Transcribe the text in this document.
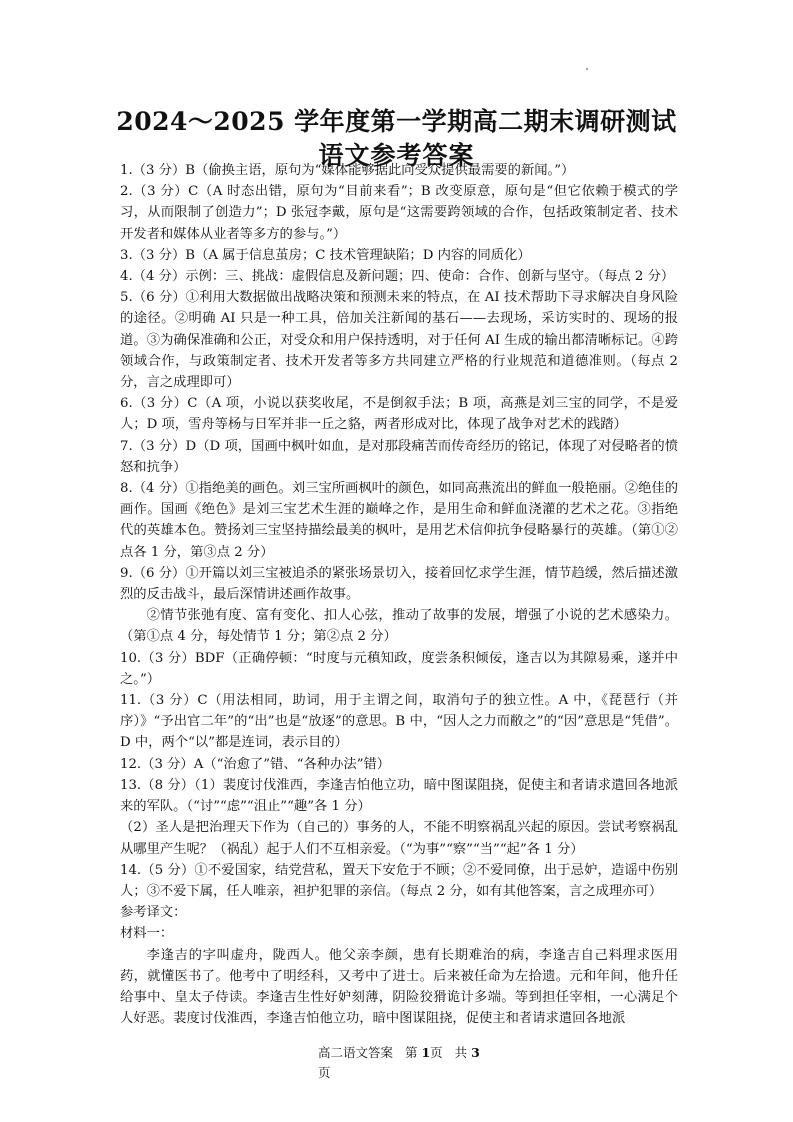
2024～2025 学年度第一学期高二期末调研测试
语文参考答案

1.（3 分）B（偷换主语，原句为“媒体能够据此向受众提供最需要的新闻。”）

2.（3 分）C（A 时态出错，原句为“目前来看”；B 改变原意，原句是“但它依赖于模式的学习，从而限制了创造力”；D 张冠李戴，原句是“这需要跨领域的合作，包括政策制定者、技术开发者和媒体从业者等多方的参与。”）

3.（3 分）B（A 属于信息茧房；C 技术管理缺陷；D 内容的同质化）

4.（4 分）示例：三、挑战：虚假信息及新问题；四、使命：合作、创新与坚守。（每点 2 分）

5.（6 分）①利用大数据做出战略决策和预测未来的特点，在 AI 技术帮助下寻求解决自身风险的途径。②明确 AI 只是一种工具，倍加关注新闻的基石——去现场，采访实时的、现场的报道。③为确保准确和公正，对受众和用户保持透明，对于任何 AI 生成的输出都清晰标记。④跨领域合作，与政策制定者、技术开发者等多方共同建立严格的行业规范和道德准则。（每点 2 分，言之成理即可）

6.（3 分）C（A 项，小说以获奖收尾，不是倒叙手法；B 项，高燕是刘三宝的同学，不是爱人；D 项，雪舟等杨与日军并非一丘之貉，两者形成对比，体现了战争对艺术的践踏）

7.（3 分）D（D 项，国画中枫叶如血，是对那段痛苦而传奇经历的铭记，体现了对侵略者的愤怒和抗争）

8.（4 分）①指绝美的画色。刘三宝所画枫叶的颜色，如同高燕流出的鲜血一般艳丽。②绝佳的画作。国画《绝色》是刘三宝艺术生涯的巅峰之作，是用生命和鲜血浇灌的艺术之花。③指绝代的英雄本色。赞扬刘三宝坚持描绘最美的枫叶，是用艺术信仰抗争侵略暴行的英雄。（第①②点各 1 分，第③点 2 分）

9.（6 分）①开篇以刘三宝被追杀的紧张场景切入，接着回忆求学生涯，情节趋缓，然后描述激烈的反击战斗，最后深情讲述画作故事。

②情节张弛有度、富有变化、扣人心弦，推动了故事的发展，增强了小说的艺术感染力。（第①点 4 分，每处情节 1 分；第②点 2 分）

10.（3 分）BDF（正确停顿：“时度与元稹知政，度尝条积倾佞，逢吉以为其隙易乘，遂并中之。”）

11.（3 分）C（用法相同，助词，用于主谓之间，取消句子的独立性。A 中，《琵琶行（并序）》“予出官二年”的“出”也是“放逐”的意思。B 中，“因人之力而敝之”的“因”意思是“凭借”。D 中，两个“以”都是连词，表示目的）

12.（3 分）A（“治愈了”错、“各种办法”错）

13.（8 分）（1）裴度讨伐淮西，李逢吉怕他立功，暗中图谋阻挠，促使主和者请求遣回各地派来的军队。（“讨”“虑”“沮止”“趣”各 1 分）

（2）圣人是把治理天下作为（自己的）事务的人，不能不明察祸乱兴起的原因。尝试考察祸乱从哪里产生呢？（祸乱）起于人们不互相亲爱。（“为事”“察”“当”“起”各 1 分）

14.（5 分）①不爱国家，结党营私，置天下安危于不顾；②不爱同僚，出于忌妒，造谣中伤别人；③不爱下属，任人唯亲，袒护犯罪的亲信。（每点 2 分，如有其他答案，言之成理亦可）

参考译文：

材料一：

李逢吉的字叫虚舟，陇西人。他父亲李颜，患有长期难治的病，李逢吉自己料理求医用药，就懂医书了。他考中了明经科，又考中了进士。后来被任命为左拾遗。元和年间，他升任给事中、皇太子侍读。李逢吉生性好妒刻薄，阴险狡猾诡计多端。等到担任宰相，一心满足个人好恶。裴度讨伐淮西，李逢吉怕他立功，暗中图谋阻挠，促使主和者请求遣回各地派

高二语文答案 第 1页 共 3
页
